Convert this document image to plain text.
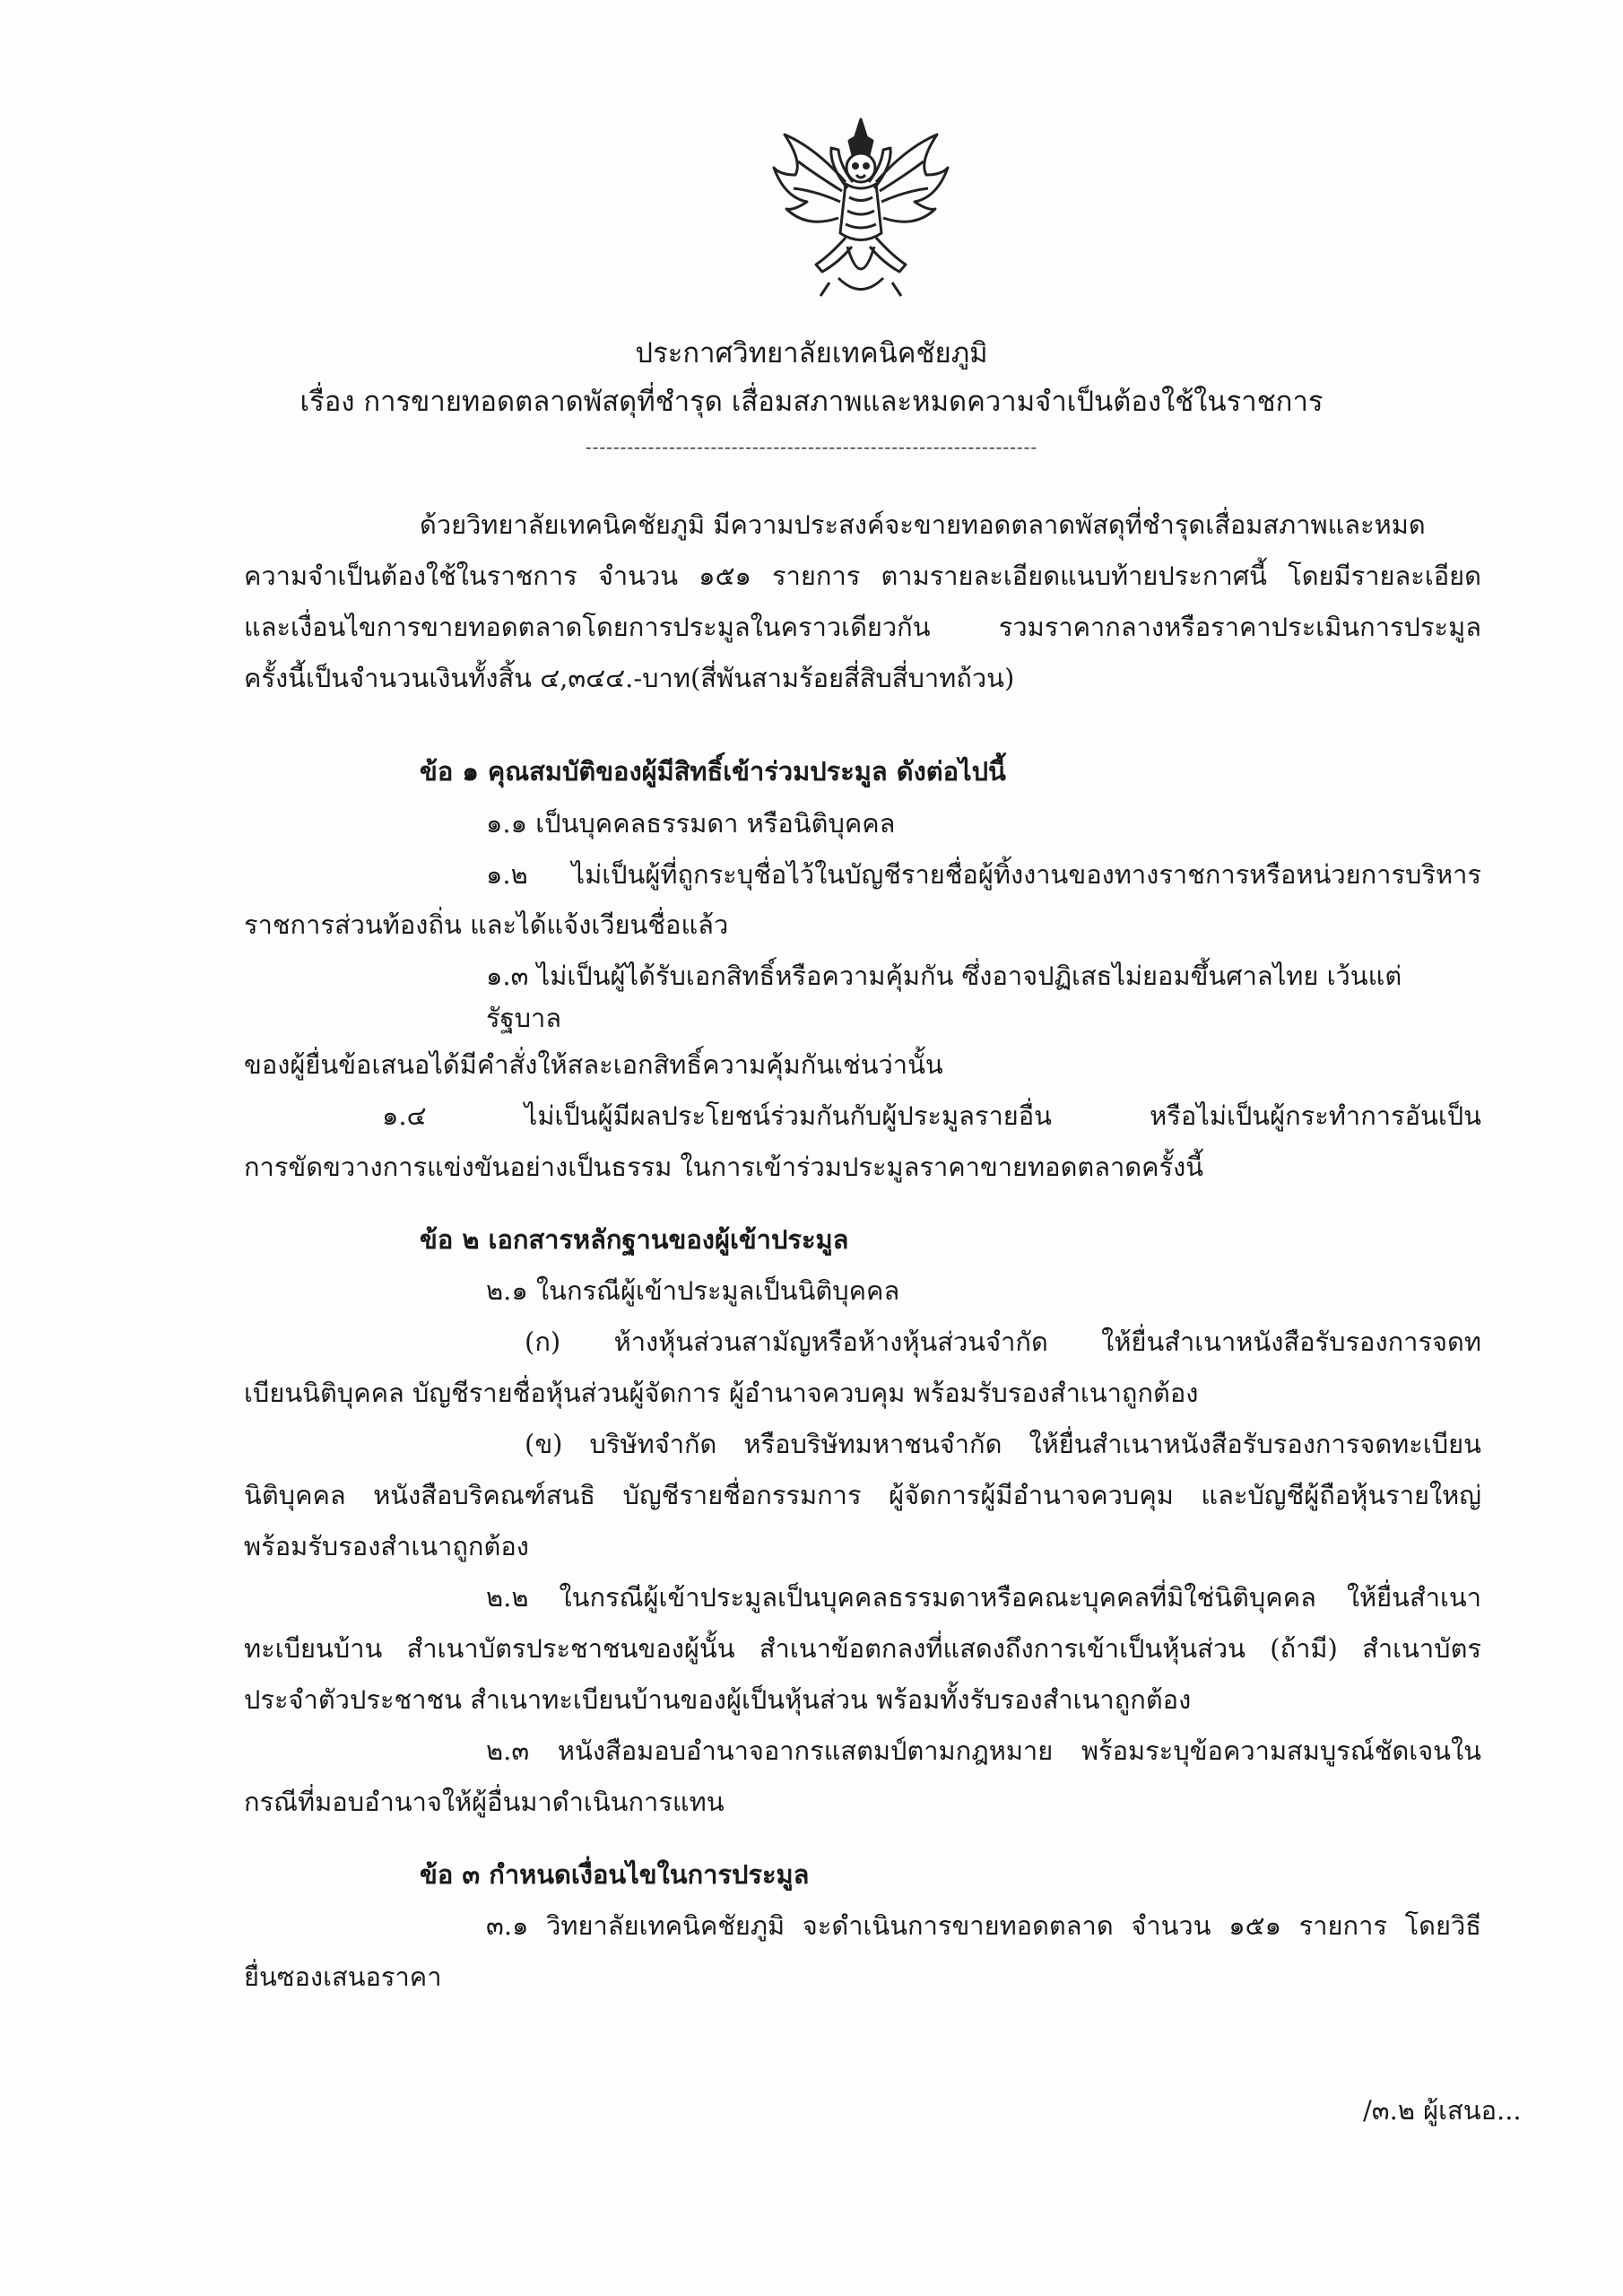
ประกาศวิทยาลัยเทคนิคชัยภูมิ
เรื่อง การขายทอดตลาดพัสดุที่ชำรุด เสื่อมสภาพและหมดความจำเป็นต้องใช้ในราชการ
-----------------------------------------------------------------
ด้วยวิทยาลัยเทคนิคชัยภูมิ มีความประสงค์จะขายทอดตลาดพัสดุที่ชำรุดเสื่อมสภาพและหมด
ความจำเป็นต้องใช้ในราชการ จำนวน ๑๕๑ รายการ ตามรายละเอียดแนบท้ายประกาศนี้ โดยมีรายละเอียด
และเงื่อนไขการขายทอดตลาดโดยการประมูลในคราวเดียวกัน รวมราคากลางหรือราคาประเมินการประมูล
ครั้งนี้เป็นจำนวนเงินทั้งสิ้น ๔,๓๔๔.-บาท(สี่พันสามร้อยสี่สิบสี่บาทถ้วน)
ข้อ ๑ คุณสมบัติของผู้มีสิทธิ์เข้าร่วมประมูล ดังต่อไปนี้
๑.๑ เป็นบุคคลธรรมดา หรือนิติบุคคล
๑.๒ ไม่เป็นผู้ที่ถูกระบุชื่อไว้ในบัญชีรายชื่อผู้ทิ้งงานของทางราชการหรือหน่วยการบริหาร
ราชการส่วนท้องถิ่น และได้แจ้งเวียนชื่อแล้ว
๑.๓ ไม่เป็นผู้ได้รับเอกสิทธิ์หรือความคุ้มกัน ซึ่งอาจปฏิเสธไม่ยอมขึ้นศาลไทย เว้นแต่
รัฐบาล
ของผู้ยื่นข้อเสนอได้มีคำสั่งให้สละเอกสิทธิ์ความคุ้มกันเช่นว่านั้น
๑.๔ ไม่เป็นผู้มีผลประโยชน์ร่วมกันกับผู้ประมูลรายอื่น หรือไม่เป็นผู้กระทำการอันเป็น
การขัดขวางการแข่งขันอย่างเป็นธรรม ในการเข้าร่วมประมูลราคาขายทอดตลาดครั้งนี้
ข้อ ๒ เอกสารหลักฐานของผู้เข้าประมูล
๒.๑ ในกรณีผู้เข้าประมูลเป็นนิติบุคคล
(ก) ห้างหุ้นส่วนสามัญหรือห้างหุ้นส่วนจำกัด ให้ยื่นสำเนาหนังสือรับรองการจดท
เบียนนิติบุคคล บัญชีรายชื่อหุ้นส่วนผู้จัดการ ผู้อำนาจควบคุม พร้อมรับรองสำเนาถูกต้อง
(ข) บริษัทจำกัด หรือบริษัทมหาชนจำกัด ให้ยื่นสำเนาหนังสือรับรองการจดทะเบียน
นิติบุคคล หนังสือบริคณฑ์สนธิ บัญชีรายชื่อกรรมการ ผู้จัดการผู้มีอำนาจควบคุม และบัญชีผู้ถือหุ้นรายใหญ่
พร้อมรับรองสำเนาถูกต้อง
๒.๒ ในกรณีผู้เข้าประมูลเป็นบุคคลธรรมดาหรือคณะบุคคลที่มิใช่นิติบุคคล ให้ยื่นสำเนา
ทะเบียนบ้าน สำเนาบัตรประชาชนของผู้นั้น สำเนาข้อตกลงที่แสดงถึงการเข้าเป็นหุ้นส่วน (ถ้ามี) สำเนาบัตร
ประจำตัวประชาชน สำเนาทะเบียนบ้านของผู้เป็นหุ้นส่วน พร้อมทั้งรับรองสำเนาถูกต้อง
๒.๓ หนังสือมอบอำนาจอากรแสตมป์ตามกฎหมาย พร้อมระบุข้อความสมบูรณ์ชัดเจนใน
กรณีที่มอบอำนาจให้ผู้อื่นมาดำเนินการแทน
ข้อ ๓ กำหนดเงื่อนไขในการประมูล
๓.๑ วิทยาลัยเทคนิคชัยภูมิ จะดำเนินการขายทอดตลาด จำนวน ๑๕๑ รายการ โดยวิธี
ยื่นซองเสนอราคา
/๓.๒ ผู้เสนอ...
